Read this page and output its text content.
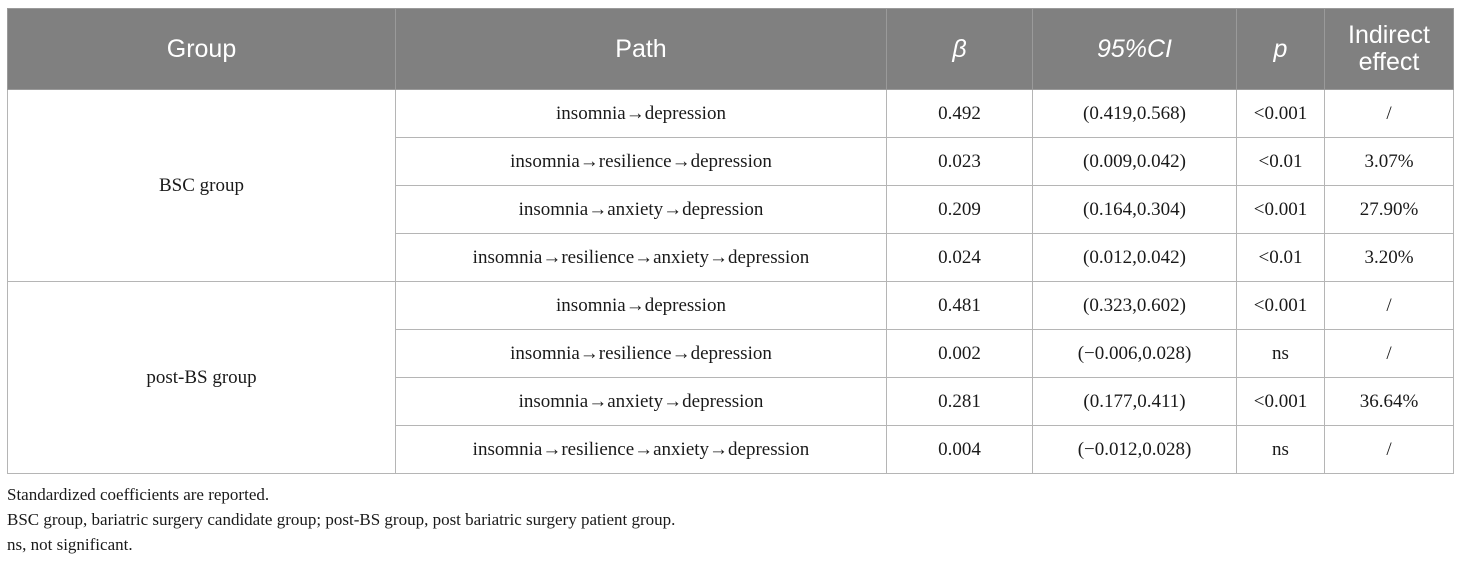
Group	Path	β	95%CI	p	Indirect effect
BSC group	insomnia→depression	0.492	(0.419,0.568)	<0.001	/
	insomnia→resilience→depression	0.023	(0.009,0.042)	<0.01	3.07%
	insomnia→anxiety→depression	0.209	(0.164,0.304)	<0.001	27.90%
	insomnia→resilience→anxiety→depression	0.024	(0.012,0.042)	<0.01	3.20%
post-BS group	insomnia→depression	0.481	(0.323,0.602)	<0.001	/
	insomnia→resilience→depression	0.002	(−0.006,0.028)	ns	/
	insomnia→anxiety→depression	0.281	(0.177,0.411)	<0.001	36.64%
	insomnia→resilience→anxiety→depression	0.004	(−0.012,0.028)	ns	/
Standardized coefficients are reported.
BSC group, bariatric surgery candidate group; post-BS group, post bariatric surgery patient group.
ns, not significant.
